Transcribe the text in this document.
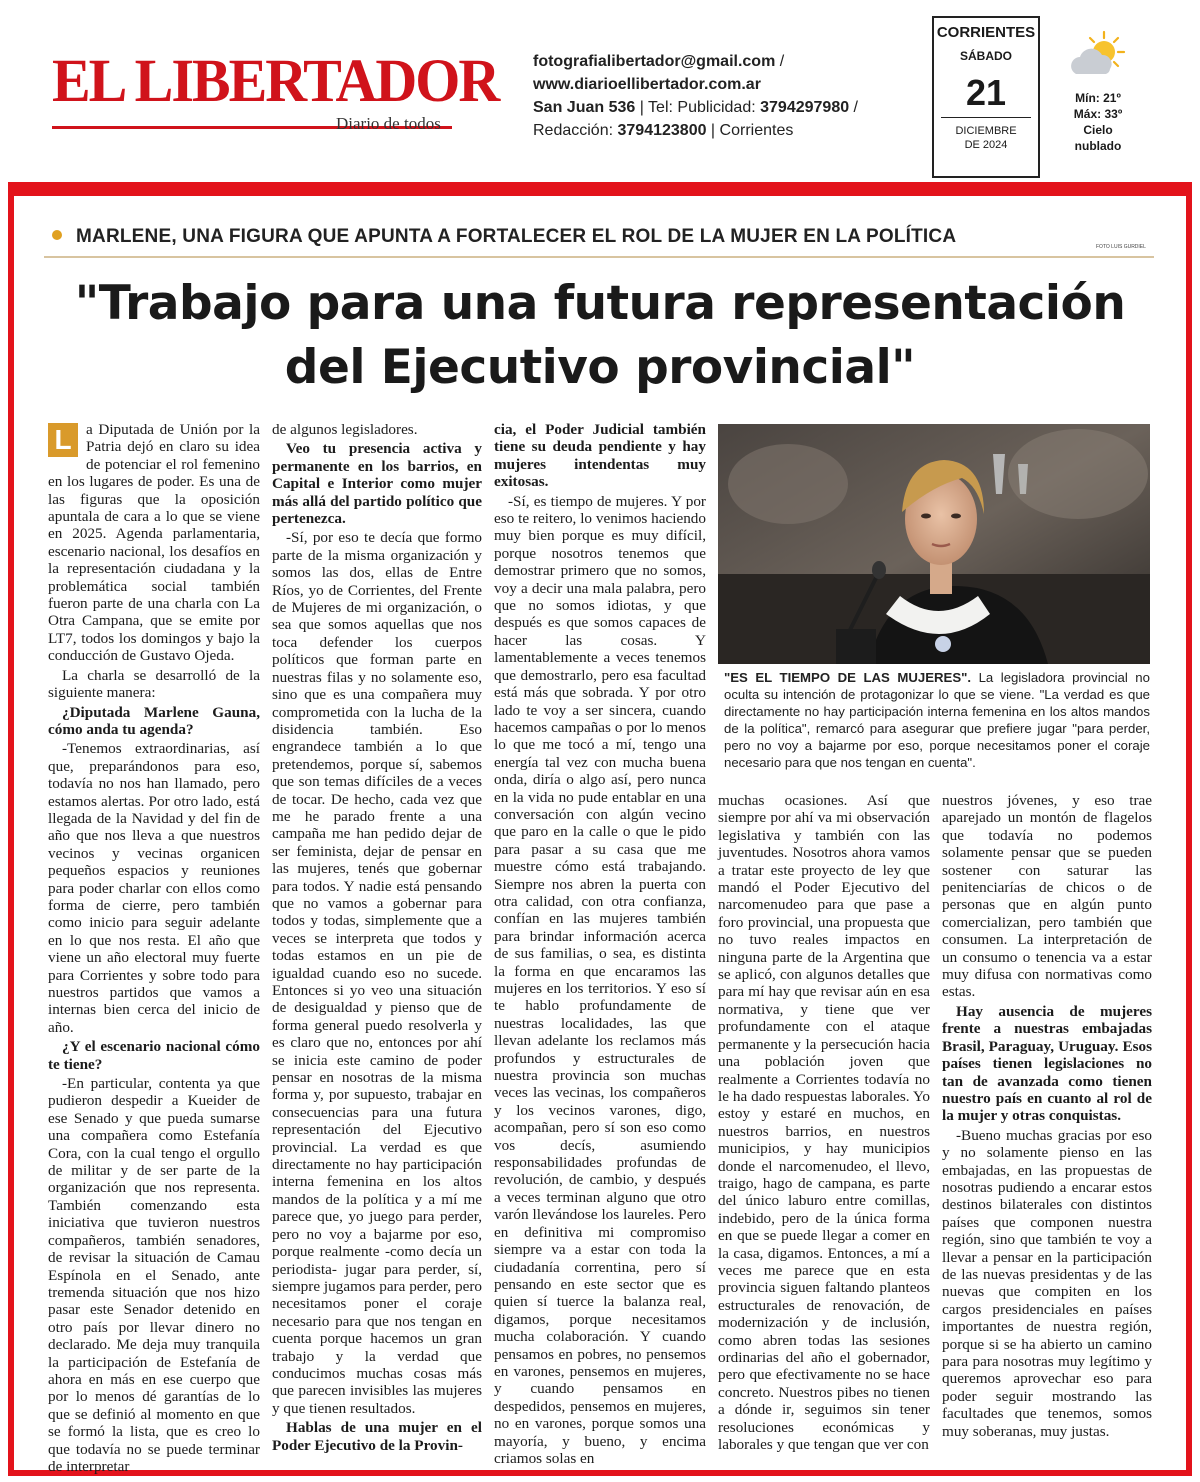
EL LIBERTADOR
Diario de todos
fotografialibertador@gmail.com /
www.diarioellibertador.com.ar
San Juan 536 | Tel: Publicidad: 3794297980 /
Redacción: 3794123800 | Corrientes
CORRIENTES
SÁBADO
21
DICIEMBRE
DE 2024
Mín: 21º
Máx: 33º
Cielo
nublado
MARLENE, UNA FIGURA QUE APUNTA A FORTALECER EL ROL DE LA MUJER EN LA POLÍTICA	FOTO LUIS GURDIEL
"Trabajo para una futura representación
del Ejecutivo provincial"

L a Diputada de Unión por la Patria dejó en claro su idea de potenciar el rol femenino en los lugares de poder. Es una de las figuras que la oposición apuntala de cara a lo que se viene en 2025. Agenda parlamentaria, escenario nacional, los desafíos en la representación ciudadana y la problemática social también fueron parte de una charla con La Otra Campana, que se emite por LT7, todos los domingos y bajo la conducción de Gustavo Ojeda.

La charla se desarrolló de la siguiente manera:

¿Diputada Marlene Gauna, cómo anda tu agenda?

-Tenemos extraordinarias, así que, preparándonos para eso, todavía no nos han llamado, pero estamos alertas. Por otro lado, está llegada de la Navidad y del fin de año que nos lleva a que nuestros vecinos y vecinas organicen pequeños espacios y reuniones para poder charlar con ellos como forma de cierre, pero también como inicio para seguir adelante en lo que nos resta. El año que viene un año electoral muy fuerte para Corrientes y sobre todo para nuestros partidos que vamos a internas bien cerca del inicio de año.

¿Y el escenario nacional cómo te tiene?

-En particular, contenta ya que pudieron despedir a Kueider de ese Senado y que pueda sumarse una compañera como Estefanía Cora, con la cual tengo el orgullo de militar y de ser parte de la organización que nos representa. También comenzando esta iniciativa que tuvieron nuestros compañeros, también senadores, de revisar la situación de Camau Espínola en el Senado, ante tremenda situación que nos hizo pasar este Senador detenido en otro país por llevar dinero no declarado. Me deja muy tranquila la participación de Estefanía de ahora en más en ese cuerpo que por lo menos dé garantías de lo que se definió al momento en que se formó la lista, que es creo lo que todavía no se puede terminar de interpretar

de algunos legisladores.

Veo tu presencia activa y permanente en los barrios, en Capital e Interior como mujer más allá del partido político que pertenezca.

-Sí, por eso te decía que formo parte de la misma organización y somos las dos, ellas de Entre Ríos, yo de Corrientes, del Frente de Mujeres de mi organización, o sea que somos aquellas que nos toca defender los cuerpos políticos que forman parte en nuestras filas y no solamente eso, sino que es una compañera muy comprometida con la lucha de la disidencia también. Eso engrandece también a lo que pretendemos, porque sí, sabemos que son temas difíciles de a veces de tocar. De hecho, cada vez que me he parado frente a una campaña me han pedido dejar de ser feminista, dejar de pensar en las mujeres, tenés que gobernar para todos. Y nadie está pensando que no vamos a gobernar para todos y todas, simplemente que a veces se interpreta que todos y todas estamos en un pie de igualdad cuando eso no sucede. Entonces si yo veo una situación de desigualdad y pienso que de forma general puedo resolverla y es claro que no, entonces por ahí se inicia este camino de poder pensar en nosotras de la misma forma y, por supuesto, trabajar en consecuencias para una futura representación del Ejecutivo provincial. La verdad es que directamente no hay participación interna femenina en los altos mandos de la política y a mí me parece que, yo juego para perder, pero no voy a bajarme por eso, porque realmente -como decía un periodista- jugar para perder, sí, siempre jugamos para perder, pero necesitamos poner el coraje necesario para que nos tengan en cuenta porque hacemos un gran trabajo y la verdad que conducimos muchas cosas más que parecen invisibles las mujeres y que tienen resultados.

Hablas de una mujer en el Poder Ejecutivo de la Provin-

cia, el Poder Judicial también tiene su deuda pendiente y hay mujeres intendentas muy exitosas.

-Sí, es tiempo de mujeres. Y por eso te reitero, lo venimos haciendo muy bien porque es muy difícil, porque nosotros tenemos que demostrar primero que no somos, voy a decir una mala palabra, pero que no somos idiotas, y que después es que somos capaces de hacer las cosas. Y lamentablemente a veces tenemos que demostrarlo, pero esa facultad está más que sobrada. Y por otro lado te voy a ser sincera, cuando hacemos campañas o por lo menos lo que me tocó a mí, tengo una energía tal vez con mucha buena onda, diría o algo así, pero nunca en la vida no pude entablar en una conversación con algún vecino que paro en la calle o que le pido para pasar a su casa que me muestre cómo está trabajando. Siempre nos abren la puerta con otra calidad, con otra confianza, confían en las mujeres también para brindar información acerca de sus familias, o sea, es distinta la forma en que encaramos las mujeres en los territorios. Y eso sí te hablo profundamente de nuestras localidades, las que llevan adelante los reclamos más profundos y estructurales de nuestra provincia son muchas veces las vecinas, los compañeros y los vecinos varones, digo, acompañan, pero sí son eso como vos decís, asumiendo responsabilidades profundas de revolución, de cambio, y después a veces terminan alguno que otro varón llevándose los laureles. Pero en definitiva mi compromiso siempre va a estar con toda la ciudadanía correntina, pero sí pensando en este sector que es quien sí tuerce la balanza real, digamos, porque necesitamos mucha colaboración. Y cuando pensamos en pobres, no pensemos en varones, pensemos en mujeres, y cuando pensamos en despedidos, pensemos en mujeres, no en varones, porque somos una mayoría, y bueno, y encima criamos solas en

muchas ocasiones. Así que siempre por ahí va mi observación legislativa y también con las juventudes. Nosotros ahora vamos a tratar este proyecto de ley que mandó el Poder Ejecutivo del narcomenudeo para que pase a foro provincial, una propuesta que no tuvo reales impactos en ninguna parte de la Argentina que se aplicó, con algunos detalles que para mí hay que revisar aún en esa normativa, y tiene que ver profundamente con el ataque permanente y la persecución hacia una población joven que realmente a Corrientes todavía no le ha dado respuestas laborales. Yo estoy y estaré en muchos, en nuestros barrios, en nuestros municipios, y hay municipios donde el narcomenudeo, el llevo, traigo, hago de campana, es parte del único laburo entre comillas, indebido, pero de la única forma en que se puede llegar a comer en la casa, digamos. Entonces, a mí a veces me parece que en esta provincia siguen faltando planteos estructurales de renovación, de modernización y de inclusión, como abren todas las sesiones ordinarias del año el gobernador, pero que efectivamente no se hace concreto. Nuestros pibes no tienen a dónde ir, seguimos sin tener resoluciones económicas y laborales y que tengan que ver con

nuestros jóvenes, y eso trae aparejado un montón de flagelos que todavía no podemos solamente pensar que se pueden sostener con saturar las penitenciarías de chicos o de personas que en algún punto comercializan, pero también que consumen. La interpretación de un consumo o tenencia va a estar muy difusa con normativas como estas.

Hay ausencia de mujeres frente a nuestras embajadas Brasil, Paraguay, Uruguay. Esos países tienen legislaciones no tan de avanzada como tienen nuestro país en cuanto al rol de la mujer y otras conquistas.

-Bueno muchas gracias por eso y no solamente pienso en las embajadas, en las propuestas de nosotras pudiendo a encarar estos destinos bilaterales con distintos países que componen nuestra región, sino que también te voy a llevar a pensar en la participación de las nuevas presidentas y de las nuevas que compiten en los cargos presidenciales en países importantes de nuestra región, porque si se ha abierto un camino para para nosotras muy legítimo y queremos aprovechar eso para poder seguir mostrando las facultades que tenemos, somos muy soberanas, muy justas.

"ES EL TIEMPO DE LAS MUJERES". La legisladora provincial no oculta su intención de protagonizar lo que se viene. "La verdad es que directamente no hay participación interna femenina en los altos mandos de la política", remarcó para asegurar que prefiere jugar "para perder, pero no voy a bajarme por eso, porque necesitamos poner el coraje necesario para que nos tengan en cuenta".
